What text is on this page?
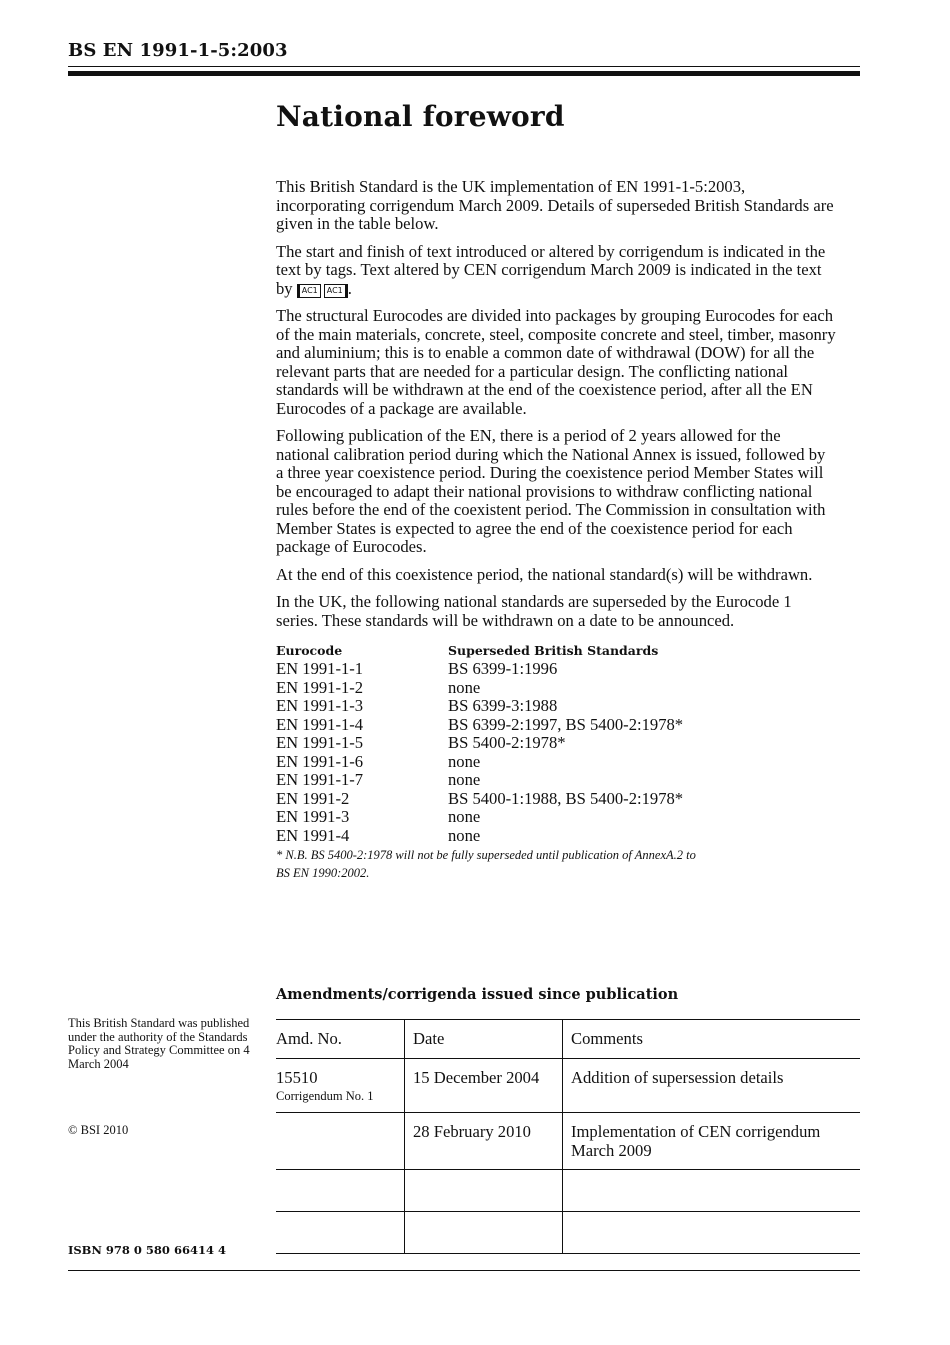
BS EN 1991-1-5:2003
National foreword

This British Standard is the UK implementation of EN 1991-1-5:2003, incorporating corrigendum March 2009. Details of superseded British Standards are given in the table below.

The start and finish of text introduced or altered by corrigendum is indicated in the text by tags. Text altered by CEN corrigendum March 2009 is indicated in the text by AC1 AC1 .

The structural Eurocodes are divided into packages by grouping Eurocodes for each of the main materials, concrete, steel, composite concrete and steel, timber, masonry and aluminium; this is to enable a common date of withdrawal (DOW) for all the relevant parts that are needed for a particular design. The conflicting national standards will be withdrawn at the end of the coexistence period, after all the EN Eurocodes of a package are available.

Following publication of the EN, there is a period of 2 years allowed for the national calibration period during which the National Annex is issued, followed by a three year coexistence period. During the coexistence period Member States will be encouraged to adapt their national provisions to withdraw conflicting national rules before the end of the coexistent period. The Commission in consultation with Member States is expected to agree the end of the coexistence period for each package of Eurocodes.

At the end of this coexistence period, the national standard(s) will be withdrawn.

In the UK, the following national standards are superseded by the Eurocode 1 series. These standards will be withdrawn on a date to be announced.

Eurocode	Superseded British Standards
EN 1991-1-1	BS 6399-1:1996
EN 1991-1-2	none
EN 1991-1-3	BS 6399-3:1988
EN 1991-1-4	BS 6399-2:1997, BS 5400-2:1978*
EN 1991-1-5	BS 5400-2:1978*
EN 1991-1-6	none
EN 1991-1-7	none
EN 1991-2	BS 5400-1:1988, BS 5400-2:1978*
EN 1991-3	none
EN 1991-4	none
* N.B. BS 5400-2:1978 will not be fully superseded until publication of AnnexA.2 to
BS EN 1990:2002.
Amendments/corrigenda issued since publication
Amd. No.	Date	Comments
15510
Corrigendum No. 1	15 December 2004	Addition of supersession details
	28 February 2010	Implementation of CEN corrigendum March 2009

This British Standard was published under the authority of the Standards Policy and Strategy Committee on 4 March 2004
© BSI 2010
ISBN 978 0 580 66414 4
